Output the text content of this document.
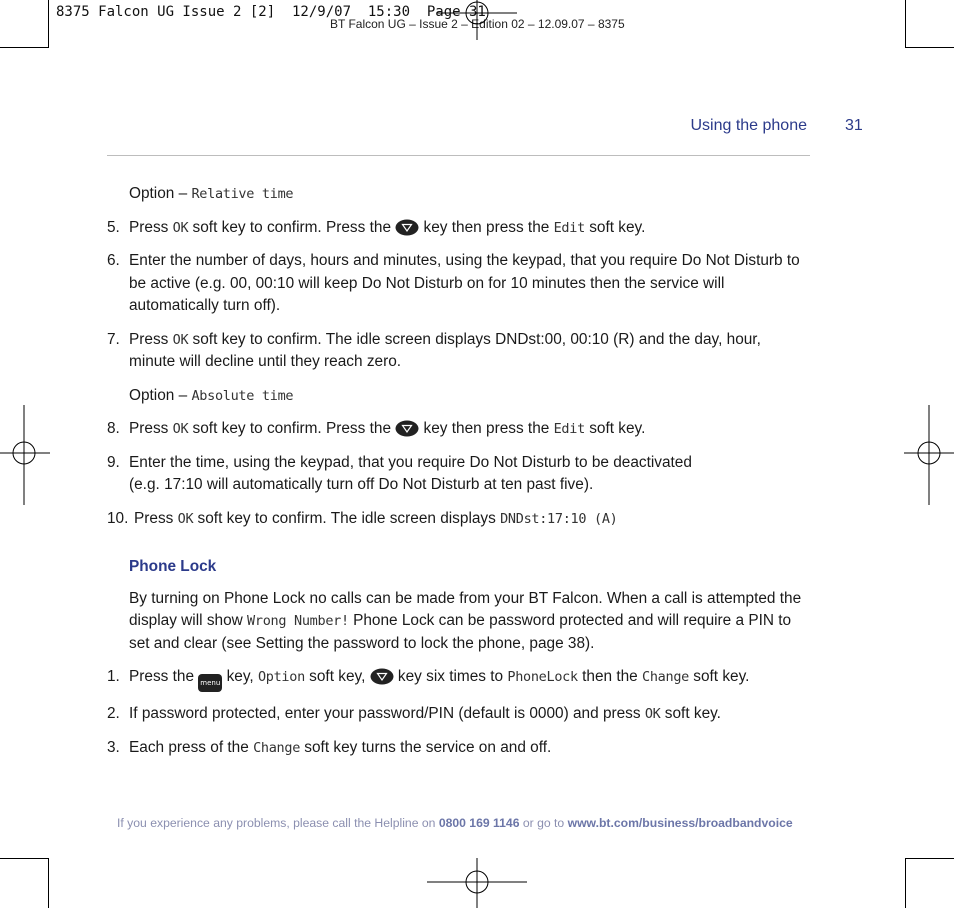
8375 Falcon UG Issue 2 [2]  12/9/07  15:30  Page 31
BT Falcon UG – Issue 2 – Edition 02 – 12.09.07 – 8375
Using the phone 31

Option – Relative time

5. Press OK soft key to confirm. Press the  key then press the Edit soft key.
6. Enter the number of days, hours and minutes, using the keypad, that you require Do Not Disturb to be active (e.g. 00, 00:10 will keep Do Not Disturb on for 10 minutes then the service will automatically turn off).
7. Press OK soft key to confirm. The idle screen displays DNDst:00, 00:10 (R) and the day, hour, minute will decline until they reach zero.

Option – Absolute time

8. Press OK soft key to confirm. Press the  key then press the Edit soft key.
9. Enter the time, using the keypad, that you require Do Not Disturb to be deactivated
(e.g. 17:10 will automatically turn off Do Not Disturb at ten past five).
10. Press OK soft key to confirm. The idle screen displays DNDst:17:10 (A)
Phone Lock

By turning on Phone Lock no calls can be made from your BT Falcon. When a call is attempted the display will show Wrong Number! Phone Lock can be password protected and will require a PIN to set and clear (see Setting the password to lock the phone, page 38).

1. Press the menu key, Option soft key,  key six times to PhoneLock then the Change soft key.
2. If password protected, enter your password/PIN (default is 0000) and press OK soft key.
3. Each press of the Change soft key turns the service on and off.
If you experience any problems, please call the Helpline on 0800 169 1146 or go to www.bt.com/business/broadbandvoice
